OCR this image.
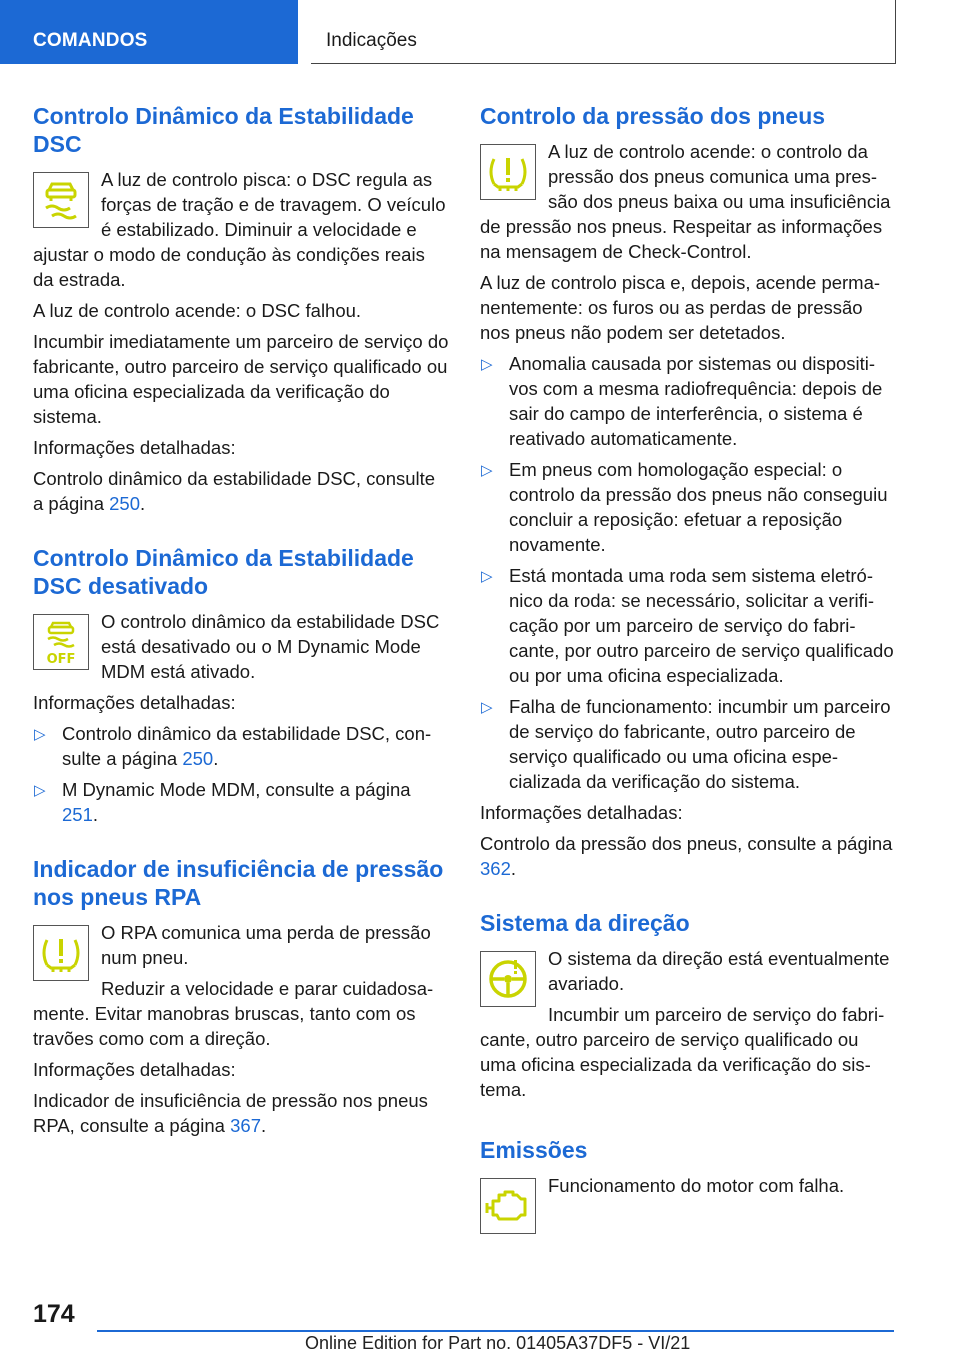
COMANDOS	Indicações
Controlo Dinâmico da Estabilidade DSC

A luz de controlo pisca: o DSC regula as forças de tração e de travagem. O veículo é estabilizado. Diminuir a velocidade e ajustar o modo de condução às condições reais da estrada.

A luz de controlo acende: o DSC falhou.

Incumbir imediatamente um parceiro de serviço do fabricante, outro parceiro de serviço qualificado ou uma oficina especializada da verificação do sistema.

Informações detalhadas:

Controlo dinâmico da estabilidade DSC, consulte a página 250.

Controlo Dinâmico da Estabilidade DSC desativado
OFF

O controlo dinâmico da estabilidade DSC está desativado ou o M Dynamic Mode MDM está ativado.

Informações detalhadas:

▷ Controlo dinâmico da estabilidade DSC, consulte a página 250.
▷ M Dynamic Mode MDM, consulte a página 251.
Indicador de insuficiência de pressão nos pneus RPA

O RPA comunica uma perda de pressão num pneu.

Reduzir a velocidade e parar cuidadosamente. Evitar manobras bruscas, tanto com os travões como com a direção.

Informações detalhadas:

Indicador de insuficiência de pressão nos pneus RPA, consulte a página 367.

Controlo da pressão dos pneus

A luz de controlo acende: o controlo da pressão dos pneus comunica uma pressão dos pneus baixa ou uma insuficiência de pressão nos pneus. Respeitar as informações na mensagem de Check-Control.

A luz de controlo pisca e, depois, acende permanentemente: os furos ou as perdas de pressão nos pneus não podem ser detetados.

▷ Anomalia causada por sistemas ou dispositivos com a mesma radiofrequência: depois de sair do campo de interferência, o sistema é reativado automaticamente.
▷ Em pneus com homologação especial: o controlo da pressão dos pneus não conseguiu concluir a reposição: efetuar a reposição novamente.
▷ Está montada uma roda sem sistema eletrónico da roda: se necessário, solicitar a verificação por um parceiro de serviço do fabricante, por outro parceiro de serviço qualificado ou por uma oficina especializada.
▷ Falha de funcionamento: incumbir um parceiro de serviço do fabricante, outro parceiro de serviço qualificado ou uma oficina especializada da verificação do sistema.

Informações detalhadas:

Controlo da pressão dos pneus, consulte a página 362.

Sistema da direção

O sistema da direção está eventualmente avariado.

Incumbir um parceiro de serviço do fabricante, outro parceiro de serviço qualificado ou uma oficina especializada da verificação do sistema.

Emissões

Funcionamento do motor com falha.

174
Online Edition for Part no. 01405A37DF5 - VI/21
